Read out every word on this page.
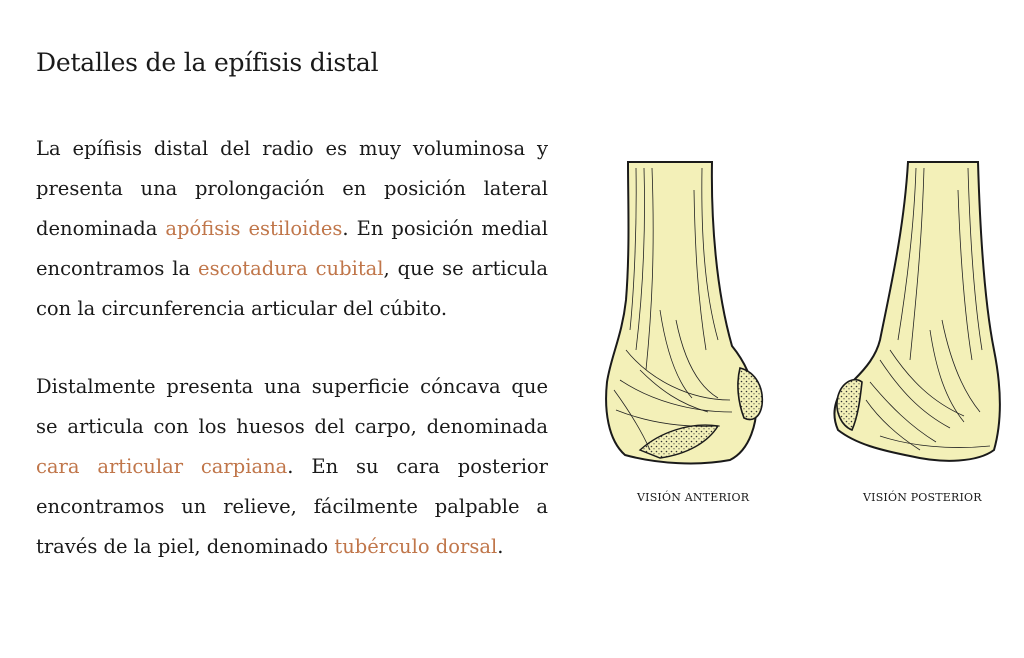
Detalles de la epífisis distal

La epífisis distal del radio es muy voluminosa y presenta una prolongación en posición lateral denominada apófisis estiloides. En posición medial encontramos la escotadura cubital, que se articula con la circunferencia articular del cúbito.

Distalmente presenta una superficie cóncava que se articula con los huesos del carpo, denominada cara articular carpiana. En su cara posterior encontramos un relieve, fácilmente palpable a través de la piel, denominado tubérculo dorsal.

VISIÓN ANTERIOR	VISIÓN POSTERIOR
